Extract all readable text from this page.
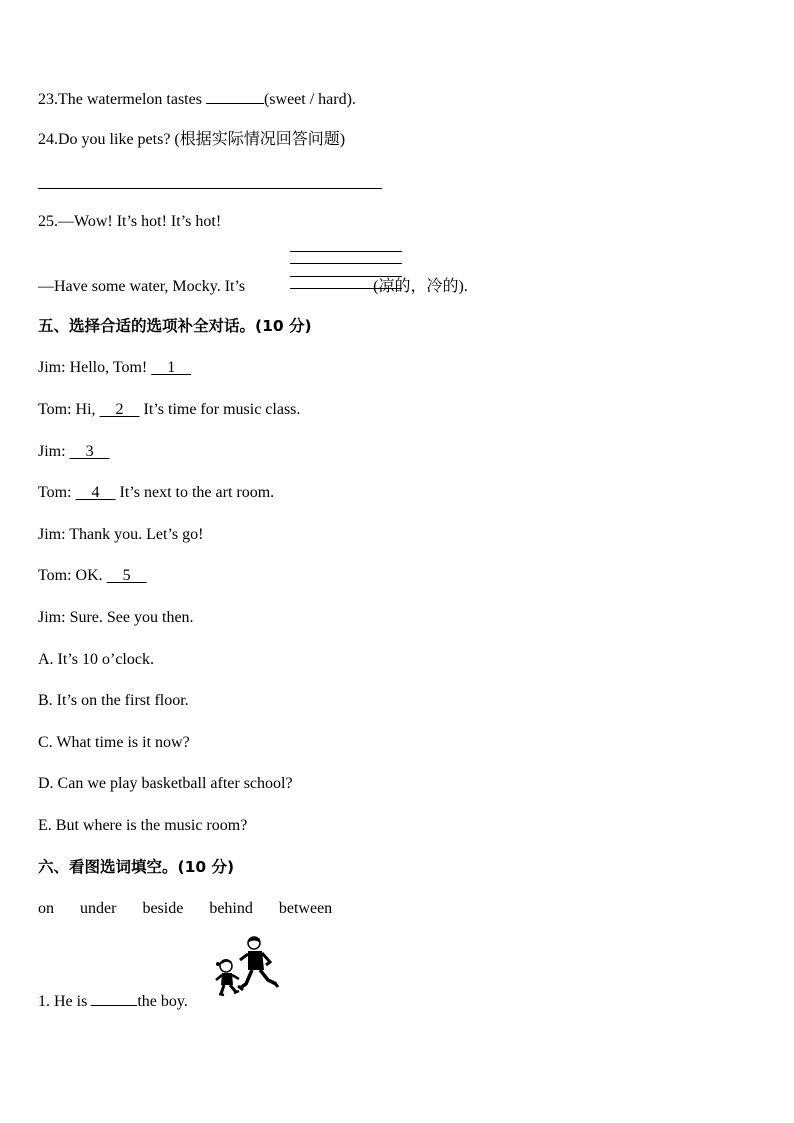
23.The watermelon tastes	(sweet / hard).
24.Do you like pets? (根据实际情况回答问题)
25.—Wow! It’s hot! It’s hot!
—Have some water, Mocky. It’s	(凉的，冷的).
五、选择合适的选项补全对话。(10 分)
Jim: Hello, Tom!     1
Tom: Hi,     2     It’s time for music class.
Jim:     3
Tom:     4     It’s next to the art room.
Jim: Thank you. Let’s go!
Tom: OK.     5
Jim: Sure. See you then.
A. It’s 10 o’clock.
B. It’s on the first floor.
C. What time is it now?
D. Can we play basketball after school?
E. But where is the music room?
六、看图选词填空。(10 分)
on under beside behind between
1. He is	the boy.
